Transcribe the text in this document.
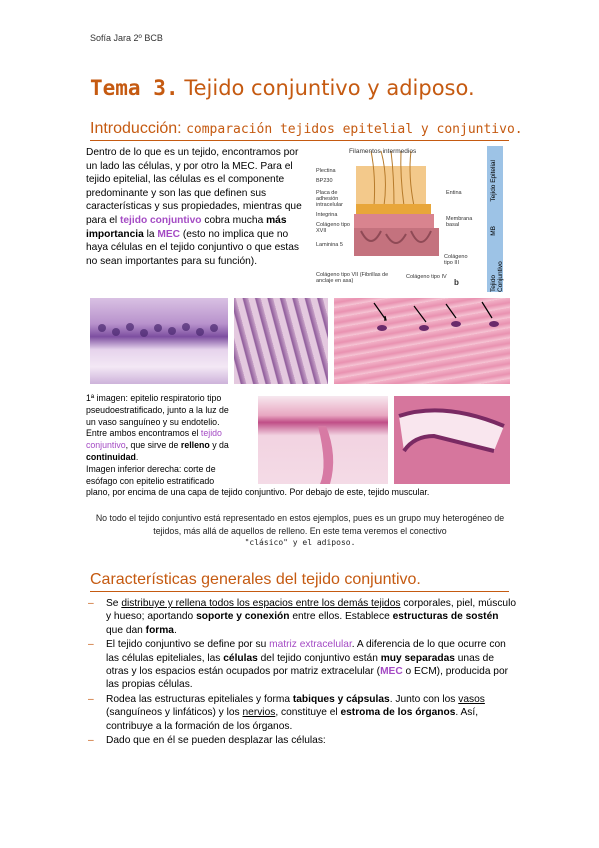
Sofía Jara 2º BCB
Tema 3. Tejido conjuntivo y adiposo.
Introducción: comparación tejidos epitelial y conjuntivo.

Dentro de lo que es un tejido, encontramos por un lado las células, y por otro la MEC. Para el tejido epitelial, las células es el componente predominante y son las que definen sus características y sus propiedades, mientras que para el tejido conjuntivo cobra mucha más importancia la MEC (esto no implica que no haya células en el tejido conjuntivo o que estas no sean importantes para su función).

Filamentos intermedios
Plectina
BP230
Placa de adhesión intracelular
Integrina
Colágeno tipo XVII
Laminina 5
Colágeno tipo VII (Fibrillas de anclaje en asa)
Colágeno tipo IV
Colágeno tipo III
Entina
Membrana basal
b
Tejido Epitelial
MB
Tejido Conjuntivo
1ª imagen: epitelio respiratorio tipo
pseudoestratificado, junto a la luz de
un vaso sanguíneo y su endotelio.
Entre ambos encontramos el tejido
conjuntivo, que sirve de relleno y da
continuidad.
Imagen inferior derecha: corte de
esófago con epitelio estratificado
plano, por encima de una capa de tejido conjuntivo. Por debajo de este, tejido muscular.
No todo el tejido conjuntivo está representado en estos ejemplos, pues es un grupo muy heterogéneo de tejidos, más allá de aquellos de relleno. En este tema veremos el conectivo
"clásico" y el adiposo.
Características generales del tejido conjuntivo.
– Se distribuye y rellena todos los espacios entre los demás tejidos corporales, piel, músculo y hueso; aportando soporte y conexión entre ellos. Establece estructuras de sostén que dan forma.
– El tejido conjuntivo se define por su matriz extracelular. A diferencia de lo que ocurre con las células epiteliales, las células del tejido conjuntivo están muy separadas unas de otras y los espacios están ocupados por matriz extracelular (MEC o ECM), producida por las propias células.
– Rodea las estructuras epiteliales y forma tabiques y cápsulas. Junto con los vasos (sanguíneos y linfáticos) y los nervios, constituye el estroma de los órganos. Así, contribuye a la formación de los órganos.
– Dado que en él se pueden desplazar las células:
